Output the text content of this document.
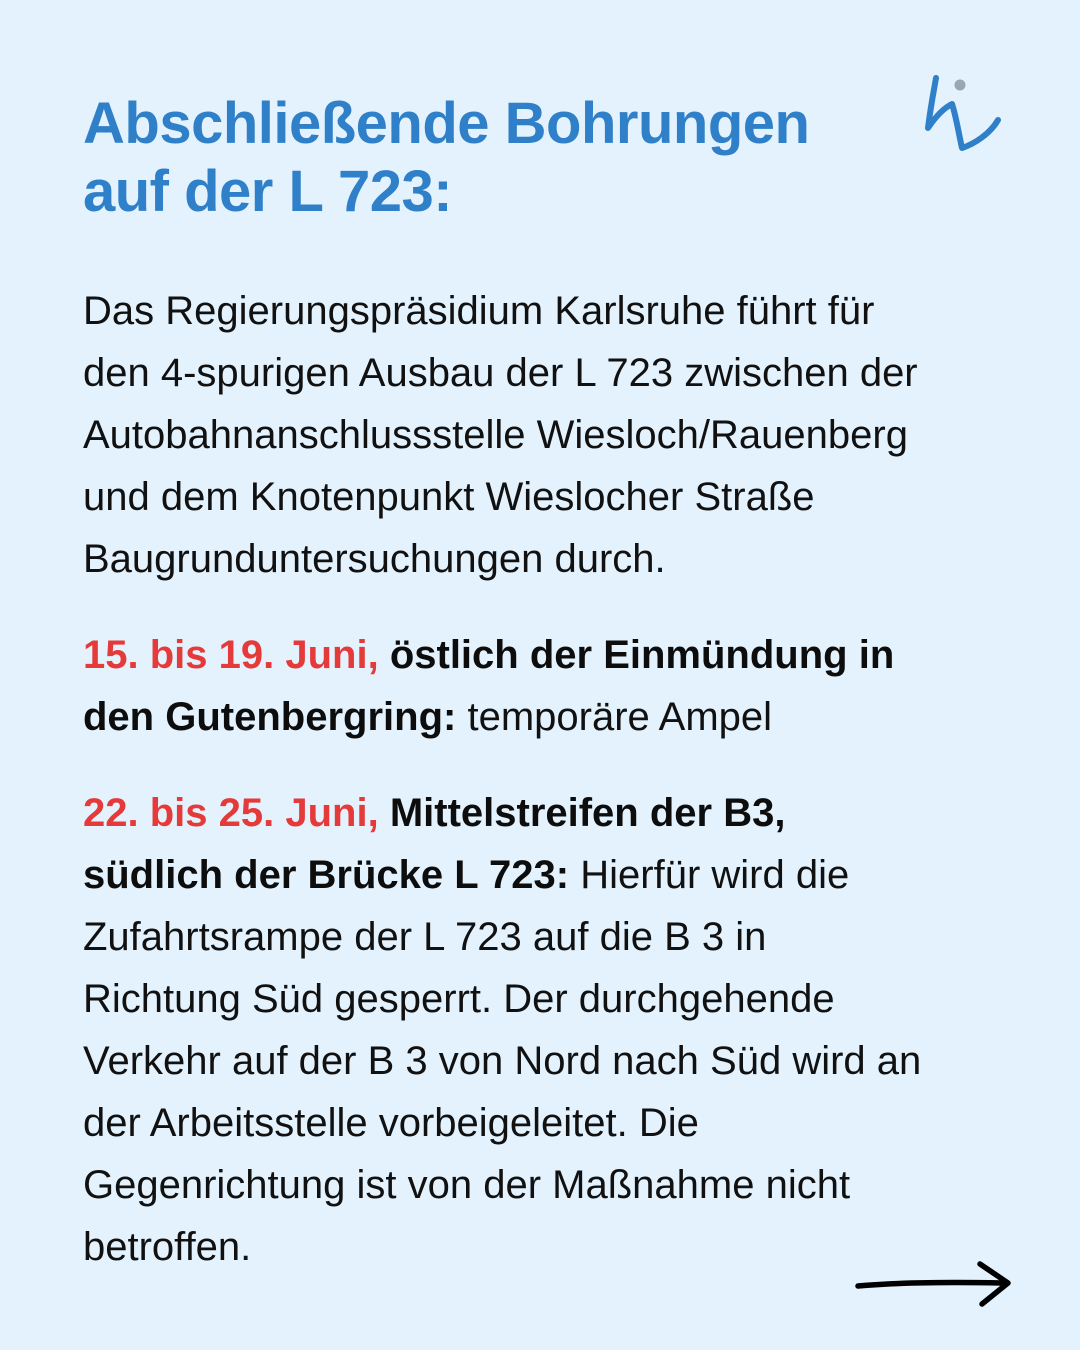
Abschließende Bohrungen
auf der L 723:

Das Regierungspräsidium Karlsruhe führt für
den 4-spurigen Ausbau der L 723 zwischen der
Autobahnanschlussstelle Wiesloch/Rauenberg
und dem Knotenpunkt Wieslocher Straße
Baugrunduntersuchungen durch.

15. bis 19. Juni, östlich der Einmündung in
den Gutenbergring: temporäre Ampel

22. bis 25. Juni, Mittelstreifen der B3,
südlich der Brücke L 723: Hierfür wird die
Zufahrtsrampe der L 723 auf die B 3 in
Richtung Süd gesperrt. Der durchgehende
Verkehr auf der B 3 von Nord nach Süd wird an
der Arbeitsstelle vorbeigeleitet. Die
Gegenrichtung ist von der Maßnahme nicht
betroffen.
